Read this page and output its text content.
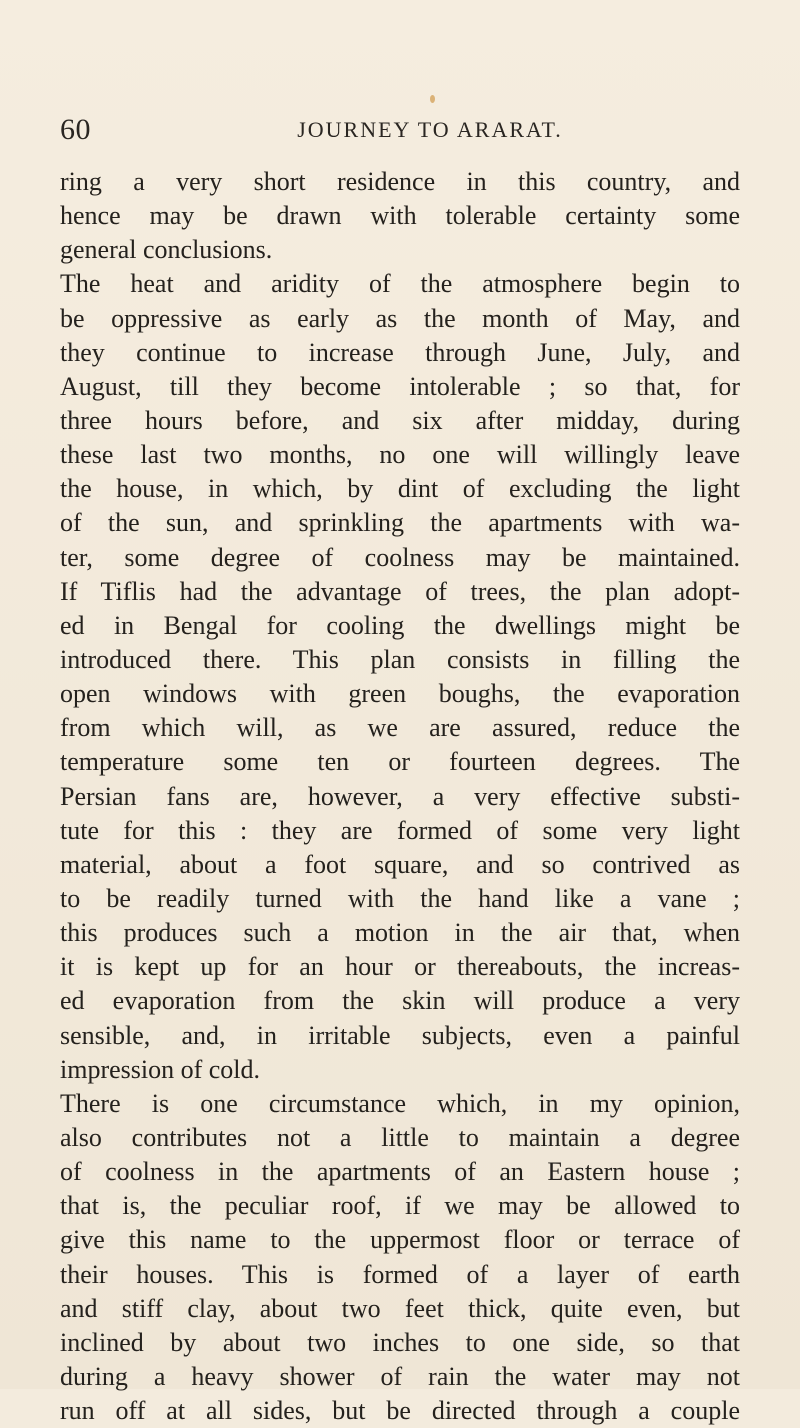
60	JOURNEY TO ARARAT.
ring a very short residence in this country, and
hence may be drawn with tolerable certainty some
general conclusions.
The heat and aridity of the atmosphere begin to
be oppressive as early as the month of May, and
they continue to increase through June, July, and
August, till they become intolerable ; so that, for
three hours before, and six after midday, during
these last two months, no one will willingly leave
the house, in which, by dint of excluding the light
of the sun, and sprinkling the apartments with wa-
ter, some degree of coolness may be maintained.
If Tiflis had the advantage of trees, the plan adopt-
ed in Bengal for cooling the dwellings might be
introduced there. This plan consists in filling the
open windows with green boughs, the evaporation
from which will, as we are assured, reduce the
temperature some ten or fourteen degrees. The
Persian fans are, however, a very effective substi-
tute for this : they are formed of some very light
material, about a foot square, and so contrived as
to be readily turned with the hand like a vane ;
this produces such a motion in the air that, when
it is kept up for an hour or thereabouts, the increas-
ed evaporation from the skin will produce a very
sensible, and, in irritable subjects, even a painful
impression of cold.
There is one circumstance which, in my opinion,
also contributes not a little to maintain a degree
of coolness in the apartments of an Eastern house ;
that is, the peculiar roof, if we may be allowed to
give this name to the uppermost floor or terrace of
their houses. This is formed of a layer of earth
and stiff clay, about two feet thick, quite even, but
inclined by about two inches to one side, so that
during a heavy shower of rain the water may not
run off at all sides, but be directed through a couple
